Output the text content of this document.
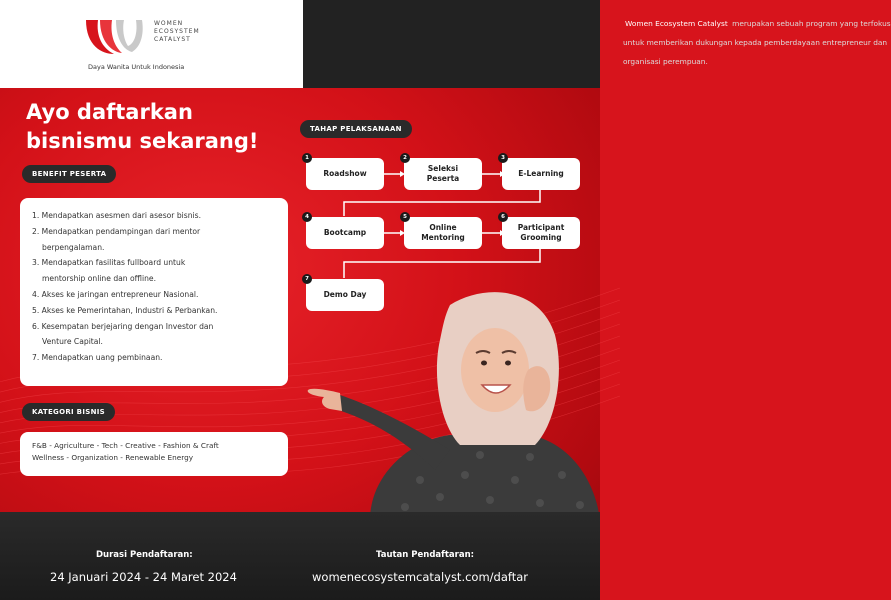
WOMEN
ECOSYSTEM
CATALYST
Daya Wanita Untuk Indonesia

Women Ecosystem Catalyst merupakan sebuah program yang terfokus untuk memberikan dukungan kepada pemberdayaan entrepreneur dan organisasi perempuan.

Ayo daftarkan
bisnismu sekarang!
BENEFIT PESERTA
1. Mendapatkan asesmen dari asesor bisnis.
2. Mendapatkan pendampingan dari mentor
berpengalaman.
3. Mendapatkan fasilitas fullboard untuk
mentorship online dan offline.
4. Akses ke jaringan entrepreneur Nasional.
5. Akses ke Pemerintahan, Industri & Perbankan.
6. Kesempatan berjejaring dengan Investor dan
Venture Capital.
7. Mendapatkan uang pembinaan.
KATEGORI BISNIS
F&B - Agriculture - Tech - Creative - Fashion & Craft
Wellness - Organization - Renewable Energy
TAHAP PELAKSANAAN
1
Roadshow
2
Seleksi Peserta
3
E-Learning
4
Bootcamp
5
Online Mentoring
6
Participant Grooming
7
Demo Day
Durasi Pendaftaran:
24 Januari 2024 - 24 Maret 2024
Tautan Pendaftaran:
womenecosystemcatalyst.com/daftar
